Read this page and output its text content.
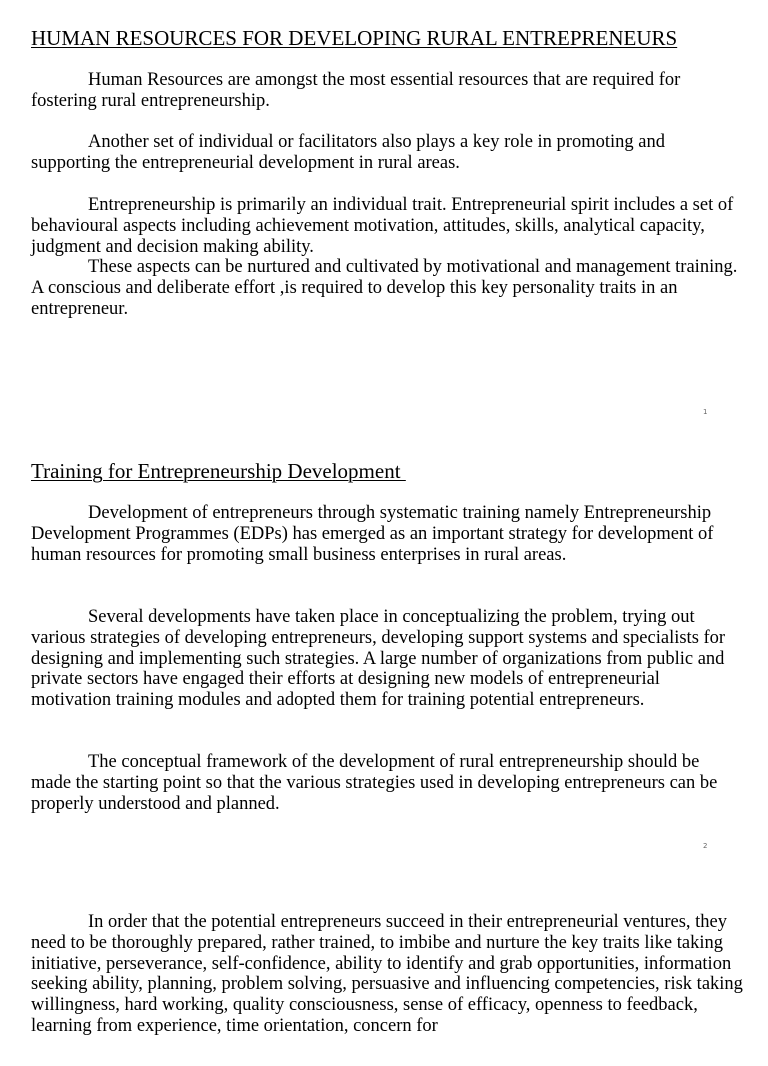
HUMAN RESOURCES FOR DEVELOPING RURAL ENTREPRENEURS

Human Resources are amongst the most essential resources that are required for fostering rural entrepreneurship.

Another set of individual or facilitators also plays a key role in promoting and supporting the entrepreneurial development in rural areas.

Entrepreneurship is primarily an individual trait. Entrepreneurial spirit includes a set of behavioural aspects including achievement motivation, attitudes, skills, analytical capacity, judgment and decision making ability.

These aspects can be nurtured and cultivated by motivational and management training. A conscious and deliberate effort ,is required to develop this key personality traits in an entrepreneur.

1
Training for Entrepreneurship Development

Development of entrepreneurs through systematic training namely Entrepreneurship Development Programmes (EDPs) has emerged as an important strategy for development of human resources for promoting small business enterprises in rural areas.

Several developments have taken place in conceptualizing the problem, trying out various strategies of developing entrepreneurs, developing support systems and specialists for designing and implementing such strategies. A large number of organizations from public and private sectors have engaged their efforts at designing new models of entrepreneurial motivation training modules and adopted them for training potential entrepreneurs.

The conceptual framework of the development of rural entrepreneurship should be made the starting point so that the various strategies used in developing entrepreneurs can be properly understood and planned.

2

In order that the potential entrepreneurs succeed in their entrepreneurial ventures, they need to be thoroughly prepared, rather trained, to imbibe and nurture the key traits like taking initiative, perseverance, self-confidence, ability to identify and grab opportunities, information seeking ability, planning, problem solving, persuasive and influencing competencies, risk taking willingness, hard working, quality consciousness, sense of efficacy, openness to feedback, learning from experience, time orientation, concern for
